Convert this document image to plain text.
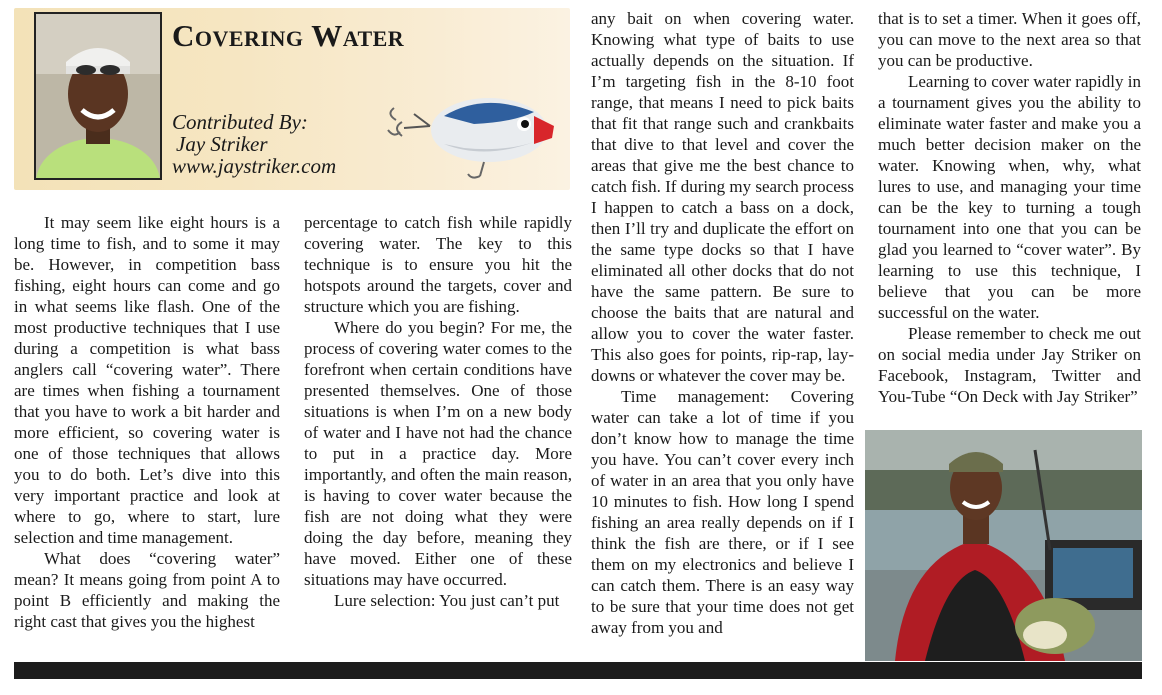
Covering Water
Contributed By:
Jay Striker
www.jaystriker.com

It may seem like eight hours is a long time to fish, and to some it may be. However, in competition bass fishing, eight hours can come and go in what seems like flash. One of the most productive techniques that I use during a competition is what bass anglers call “covering water”. There are times when fishing a tournament that you have to work a bit harder and more efficient, so covering water is one of those techniques that allows you to do both. Let’s dive into this very important practice and look at where to go, where to start, lure selection and time management.

What does “covering water” mean? It means going from point A to point B efficiently and making the right cast that gives you the highest

percentage to catch fish while rapidly covering water. The key to this technique is to ensure you hit the hotspots around the targets, cover and structure which you are fishing.

Where do you begin? For me, the process of covering water comes to the forefront when certain conditions have presented themselves. One of those situations is when I’m on a new body of water and I have not had the chance to put in a practice day. More importantly, and often the main reason, is having to cover water because the fish are not doing what they were doing the day before, meaning they have moved. Either one of these situations may have occurred.

Lure selection: You just can’t put

any bait on when covering water. Knowing what type of baits to use actually depends on the situation. If I’m targeting fish in the 8-10 foot range, that means I need to pick baits that fit that range such and crankbaits that dive to that level and cover the areas that give me the best chance to catch fish. If during my search process I happen to catch a bass on a dock, then I’ll try and duplicate the effort on the same type docks so that I have eliminated all other docks that do not have the same pattern. Be sure to choose the baits that are natural and allow you to cover the water faster. This also goes for points, rip-rap, lay-downs or whatever the cover may be.

Time management: Covering water can take a lot of time if you don’t know how to manage the time you have. You can’t cover every inch of water in an area that you only have 10 minutes to fish. How long I spend fishing an area really depends on if I think the fish are there, or if I see them on my electronics and believe I can catch them. There is an easy way to be sure that your time does not get away from you and

that is to set a timer. When it goes off, you can move to the next area so that you can be productive.

Learning to cover water rapidly in a tournament gives you the ability to eliminate water faster and make you a much better decision maker on the water. Knowing when, why, what lures to use, and managing your time can be the key to turning a tough tournament into one that you can be glad you learned to “cover water”. By learning to use this technique, I believe that you can be more successful on the water.

Please remember to check me out on social media under Jay Striker on Facebook, Instagram, Twitter and You-Tube “On Deck with Jay Striker”
